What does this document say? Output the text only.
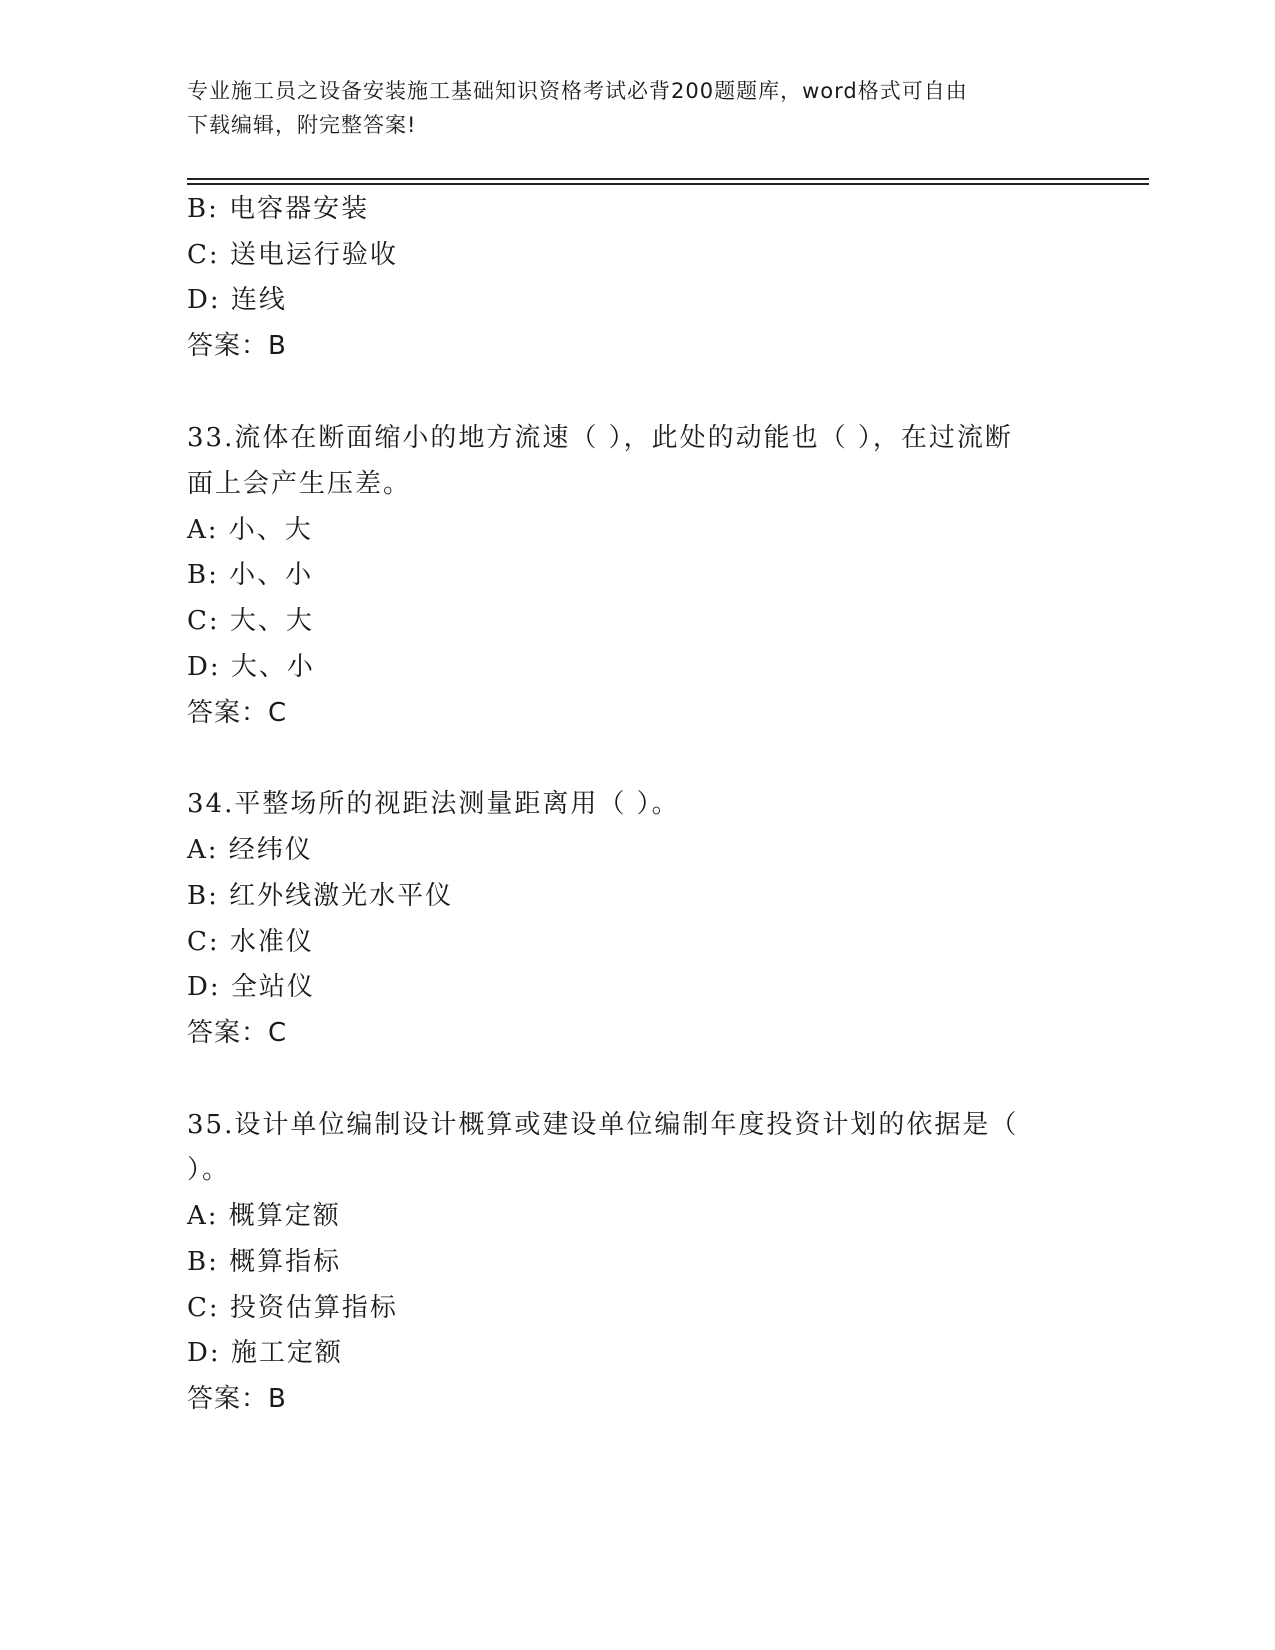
专业施工员之设备安装施工基础知识资格考试必背200题题库，word格式可自由
下载编辑，附完整答案!
B: 电容器安装
C: 送电运行验收
D: 连线
答案：B
33.流体在断面缩小的地方流速（ ），此处的动能也（ ），在过流断
面上会产生压差。
A: 小、大
B: 小、小
C: 大、大
D: 大、小
答案：C
34.平整场所的视距法测量距离用（ ）。
A: 经纬仪
B: 红外线激光水平仪
C: 水准仪
D: 全站仪
答案：C
35.设计单位编制设计概算或建设单位编制年度投资计划的依据是（
）。
A: 概算定额
B: 概算指标
C: 投资估算指标
D: 施工定额
答案：B
